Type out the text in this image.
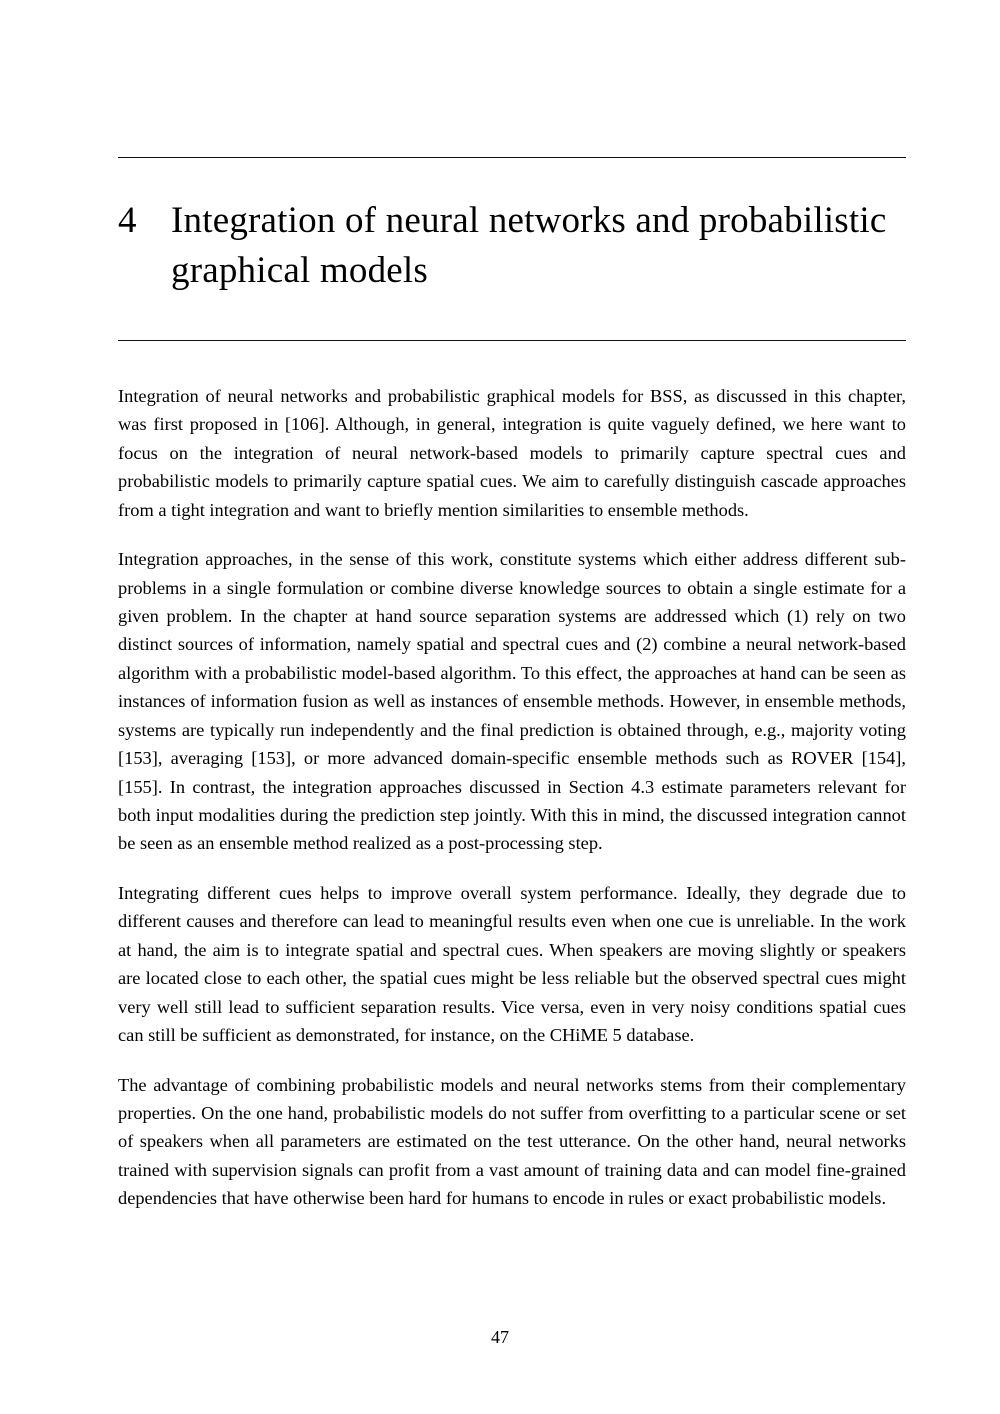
4 Integration of neural networks and probabilistic graphical models

Integration of neural networks and probabilistic graphical models for BSS, as discussed in this chapter, was first proposed in [106]. Although, in general, integration is quite vaguely defined, we here want to focus on the integration of neural network-based models to primarily capture spectral cues and probabilistic models to primarily capture spatial cues. We aim to carefully distinguish cascade approaches from a tight integration and want to briefly mention similarities to ensemble methods.

Integration approaches, in the sense of this work, constitute systems which either address different sub-problems in a single formulation or combine diverse knowledge sources to obtain a single estimate for a given problem. In the chapter at hand source separation systems are addressed which (1) rely on two distinct sources of information, namely spatial and spectral cues and (2) combine a neural network-based algorithm with a probabilistic model-based algorithm. To this effect, the approaches at hand can be seen as instances of information fusion as well as instances of ensemble methods. However, in ensemble methods, systems are typically run independently and the final prediction is obtained through, e.g., majority voting [153], averaging [153], or more advanced domain-specific ensemble methods such as ROVER [154], [155]. In contrast, the integration approaches discussed in Section 4.3 estimate parameters relevant for both input modalities during the prediction step jointly. With this in mind, the discussed integration cannot be seen as an ensemble method realized as a post-processing step.

Integrating different cues helps to improve overall system performance. Ideally, they degrade due to different causes and therefore can lead to meaningful results even when one cue is unreliable. In the work at hand, the aim is to integrate spatial and spectral cues. When speakers are moving slightly or speakers are located close to each other, the spatial cues might be less reliable but the observed spectral cues might very well still lead to sufficient separation results. Vice versa, even in very noisy conditions spatial cues can still be sufficient as demonstrated, for instance, on the CHiME 5 database.

The advantage of combining probabilistic models and neural networks stems from their complementary properties. On the one hand, probabilistic models do not suffer from overfitting to a particular scene or set of speakers when all parameters are estimated on the test utterance. On the other hand, neural networks trained with supervision signals can profit from a vast amount of training data and can model fine-grained dependencies that have otherwise been hard for humans to encode in rules or exact probabilistic models.

47
